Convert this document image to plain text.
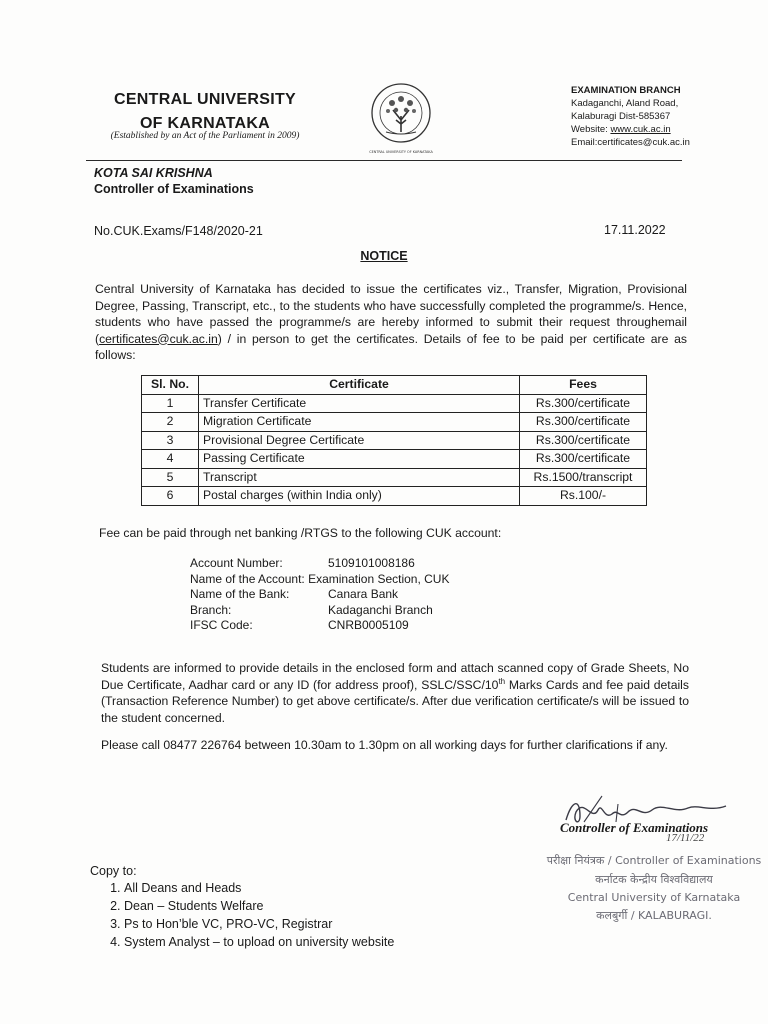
CENTRAL UNIVERSITY
OF KARNATAKA
(Established by an Act of the Parliament in 2009)
CENTRAL UNIVERSITY OF KARNATAKA
EXAMINATION BRANCH
Kadaganchi, Aland Road,
Kalaburagi Dist-585367
Website: www.cuk.ac.in
Email:certificates@cuk.ac.in
KOTA SAI KRISHNA
Controller of Examinations
No.CUK.Exams/F148/2020-21	17.11.2022
NOTICE
Central University of Karnataka has decided to issue the certificates viz., Transfer, Migration, Provisional Degree, Passing, Transcript, etc., to the students who have successfully completed the programme/s. Hence, students who have passed the programme/s are hereby informed to submit their request throughemail (certificates@cuk.ac.in) / in person to get the certificates. Details of fee to be paid per certificate are as follows:
Sl. No.	Certificate	Fees
1	Transfer Certificate	Rs.300/certificate
2	Migration Certificate	Rs.300/certificate
3	Provisional Degree Certificate	Rs.300/certificate
4	Passing Certificate	Rs.300/certificate
5	Transcript	Rs.1500/transcript
6	Postal charges (within India only)	Rs.100/-
Fee can be paid through net banking /RTGS to the following CUK account:
Account Number:	5109101008186
Name of the Account: Examination Section, CUK
Name of the Bank:	Canara Bank
Branch:	Kadaganchi Branch
IFSC Code:	CNRB0005109
Students are informed to provide details in the enclosed form and attach scanned copy of Grade Sheets, No Due Certificate, Aadhar card or any ID (for address proof), SSLC/SSC/10th Marks Cards and fee paid details (Transaction Reference Number) to get above certificate/s. After due verification certificate/s will be issued to the student concerned.
Please call 08477 226764 between 10.30am to 1.30pm on all working days for further clarifications if any.
Controller of Examinations
17/11/22
परीक्षा नियंत्रक / Controller of Examinations
कर्नाटक केन्द्रीय विश्वविद्यालय
Central University of Karnataka
कलबुर्गी / KALABURAGI.
Copy to:
1. All Deans and Heads
2. Dean – Students Welfare
3. Ps to Hon’ble VC, PRO-VC, Registrar
4. System Analyst – to upload on university website
